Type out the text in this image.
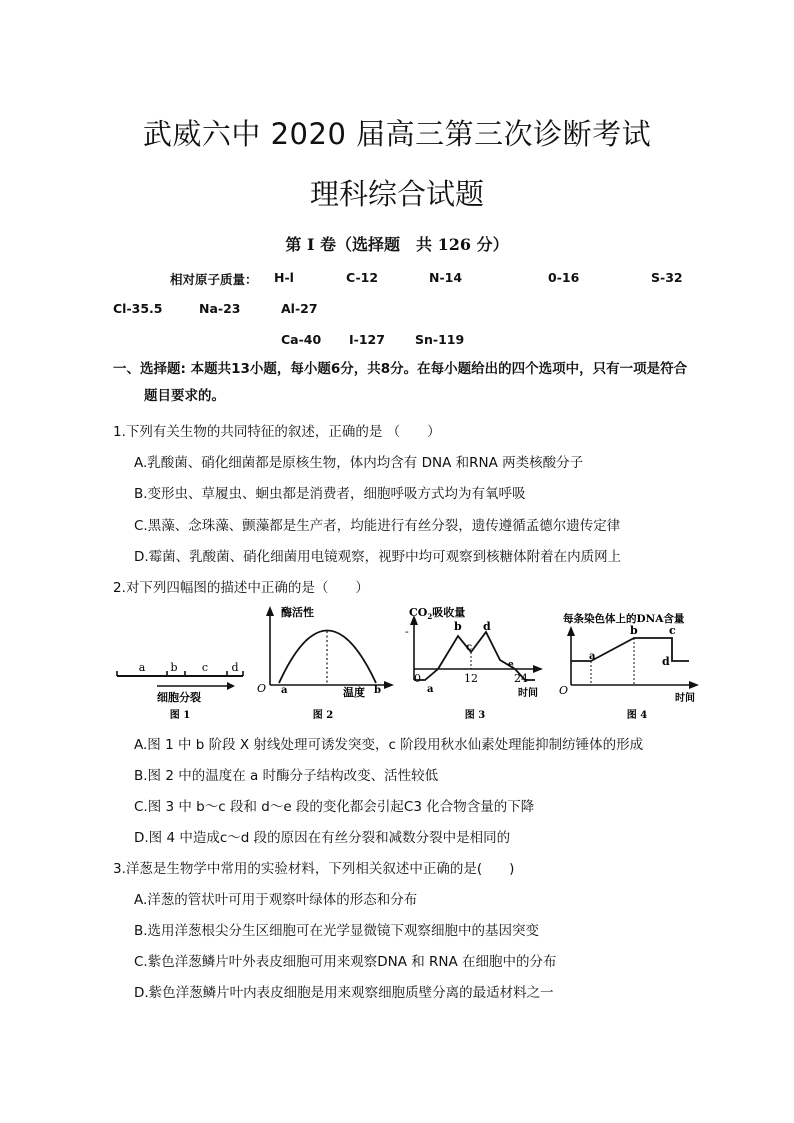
武威六中 2020 届高三第三次诊断考试
理科综合试题
第 I 卷（选择题　共 126 分）
相对原子质量： H-l	C-12	N-14	0-16	S-32
Cl-35.5	Na-23	Al-27
Ca-40 I-127 Sn-119
一、选择题: 本题共13小题，每小题6分，共8分。在每小题给出的四个选项中，只有一项是符合
题目要求的。
1.下列有关生物的共同特征的叙述，正确的是 （　　）
A.乳酸菌、硝化细菌都是原核生物，体内均含有 DNA 和RNA 两类核酸分子
B.变形虫、草履虫、蛔虫都是消费者，细胞呼吸方式均为有氧呼吸
C.黑藻、念珠藻、颤藻都是生产者，均能进行有丝分裂，遗传遵循孟德尔遗传定律
D.霉菌、乳酸菌、硝化细菌用电镜观察，视野中均可观察到核糖体附着在内质网上
2.对下列四幅图的描述中正确的是（　　）
a b c d
细胞分裂
图 1
酶活性
O a	b
温度
图 2
$CO_2$吸收量
-
0
a
b
c
d
e
12	24
时间
图 3
每条染色体上的DNA含量
O
a
b	c
d
时间
图 4
A.图 1 中 b 阶段 X 射线处理可诱发突变，c 阶段用秋水仙素处理能抑制纺锤体的形成
B.图 2 中的温度在 a 时酶分子结构改变、活性较低
C.图 3 中 b～c 段和 d～e 段的变化都会引起C3 化合物含量的下降
D.图 4 中造成c～d 段的原因在有丝分裂和减数分裂中是相同的
3.洋葱是生物学中常用的实验材料，下列相关叙述中正确的是(　　)
A.洋葱的管状叶可用于观察叶绿体的形态和分布
B.选用洋葱根尖分生区细胞可在光学显微镜下观察细胞中的基因突变
C.紫色洋葱鳞片叶外表皮细胞可用来观察DNA 和 RNA 在细胞中的分布
D.紫色洋葱鳞片叶内表皮细胞是用来观察细胞质壁分离的最适材料之一
